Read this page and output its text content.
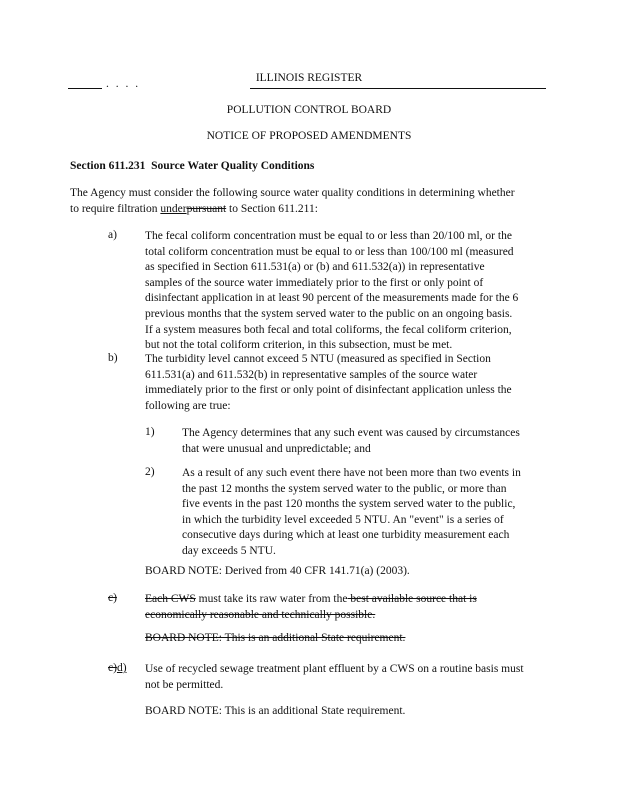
. . . .	ILLINOIS REGISTER
POLLUTION CONTROL BOARD
NOTICE OF PROPOSED AMENDMENTS
Section 611.231 Source Water Quality Conditions

The Agency must consider the following source water quality conditions in determining whether

to require filtration underpursuant to Section 611.211:

a) The fecal coliform concentration must be equal to or less than 20/100 ml, or the

total coliform concentration must be equal to or less than 100/100 ml (measured

as specified in Section 611.531(a) or (b) and 611.532(a)) in representative

samples of the source water immediately prior to the first or only point of

disinfectant application in at least 90 percent of the measurements made for the 6

previous months that the system served water to the public on an ongoing basis.

If a system measures both fecal and total coliforms, the fecal coliform criterion,

but not the total coliform criterion, in this subsection, must be met.

b) The turbidity level cannot exceed 5 NTU (measured as specified in Section

611.531(a) and 611.532(b) in representative samples of the source water

immediately prior to the first or only point of disinfectant application unless the

following are true:

1) The Agency determines that any such event was caused by circumstances

that were unusual and unpredictable; and

2) As a result of any such event there have not been more than two events in

the past 12 months the system served water to the public, or more than

five events in the past 120 months the system served water to the public,

in which the turbidity level exceeded 5 NTU. An "event" is a series of

consecutive days during which at least one turbidity measurement each

day exceeds 5 NTU.

BOARD NOTE: Derived from 40 CFR 141.71(a) (2003).
c) Each CWS must take its raw water from the best available source that is

economically reasonable and technically possible.

BOARD NOTE: This is an additional State requirement.
c)d) Use of recycled sewage treatment plant effluent by a CWS on a routine basis must

not be permitted.

BOARD NOTE: This is an additional State requirement.
